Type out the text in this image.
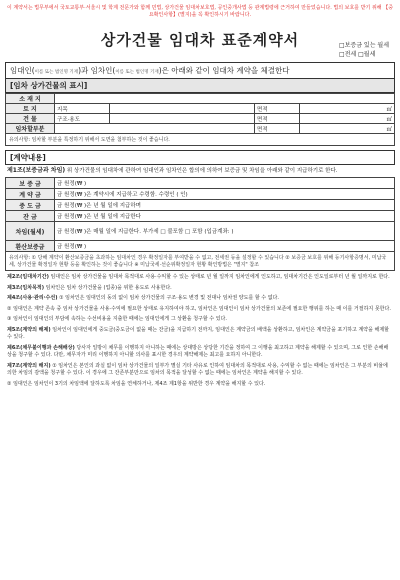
이 계약서는 법무부에서 국토교통부·서울시 및 학계 전문가와 함께 민법, 상가건물 임대차보호법, 공인중개사법 등 관계법령에 근거하여 만들었습니다. 법의 보호를 받기 위해 【중요확인사항】(별지)을 꼭 확인하시기 바랍니다.
상가건물 임대차 표준계약서	□보증금 있는 월세
□전세 □월세
임대인(이름 또는 법인명 기재)과 임차인(이름 또는 법인명 기재)은 아래와 같이 임대차 계약을 체결한다
[임차 상가건물의 표시]
소 재 지				
토 지	지목		면적	㎡
건 물	구조·용도		면적	㎡
임차할부분			면적	㎡
유의사항: 임차할 부분을 특정하기 위해서 도면을 첨부하는 것이 좋습니다.
[계약내용]
제1조(보증금과 차임) 위 상가건물의 임대차에 관하여 임대인과 임차인은 합의에 의하여 보증금 및 차임을 아래와 같이 지급하기로 한다.
보 증 금	금 원정(₩ )
계 약 금	금 원정(₩ )은 계약시에 지급하고 수령함. 수령인 ( 인)
중 도 금	금 원정(₩ )은 년 월 일에 지급하며
잔 금	금 원정(₩ )은 년 월 일에 지급한다
차임(월세)	금 원정(₩ )은 매월 일에 지급한다. 부가세 □ 불포함 □ 포함 (입금계좌: )
환산보증금	금 원정(₩ )
유의사항: ① 당해 계약이 환산보증금을 초과하는 임대차인 경우 확정일자를 부여받을 수 없고, 전세권 등을 설정할 수 있습니다 ② 보증금 보호를 위해 등기사항증명서, 미납국세, 상가건물 확정일자 현황 등을 확인하는 것이 좋습니다 ※ 미납국세·선순위확정일자 현황 확인방법은 "별지" 참조
제2조(임대차기간) 임대인은 임차 상가건물을 임대차 목적대로 사용·수익할 수 있는 상태로 년 월 일까지 임차인에게 인도하고, 임대차기간은 인도일로부터 년 월 일까지로 한다.
제3조(임차목적) 임차인은 임차 상가건물을 (업종)을 위한 용도로 사용한다.
제4조(사용·관리·수선) ① 임차인은 임대인의 동의 없이 임차 상가건물의 구조·용도 변경 및 전대나 임차권 양도를 할 수 없다.
② 임대인은 계약 존속 중 임차 상가건물을 사용·수익에 필요한 상태로 유지하여야 하고, 임차인은 임대인이 임차 상가건물의 보존에 필요한 행위를 하는 때 이를 거절하지 못한다.
③ 임차인이 임대인의 부담에 속하는 수선비용을 지출한 때에는 임대인에게 그 상환을 청구할 수 있다.
제5조(계약의 해제) 임차인이 임대인에게 중도금(중도금이 없을 때는 잔금)을 지급하기 전까지, 임대인은 계약금의 배액을 상환하고, 임차인은 계약금을 포기하고 계약을 해제할 수 있다.
제6조(채무불이행과 손해배상) 당사자 일방이 채무를 이행하지 아니하는 때에는 상대방은 상당한 기간을 정하여 그 이행을 최고하고 계약을 해제할 수 있으며, 그로 인한 손해배상을 청구할 수 있다. 다만, 채무자가 미리 이행하지 아니할 의사를 표시한 경우의 계약해제는 최고를 요하지 아니한다.
제7조(계약의 해지) ① 임차인은 본인의 과실 없이 임차 상가건물의 일부가 멸실 기타 사유로 인하여 임대차의 목적대로 사용, 수익할 수 없는 때에는 임차인은 그 부분의 비율에 의한 차임의 감액을 청구할 수 있다. 이 경우에 그 잔존부분만으로 임차의 목적을 달성할 수 없는 때에는 임차인은 계약을 해지할 수 있다.
② 임대인은 임차인이 3기의 차임액에 달하도록 차임을 연체하거나, 제4조 제1항을 위반한 경우 계약을 해지할 수 있다.
